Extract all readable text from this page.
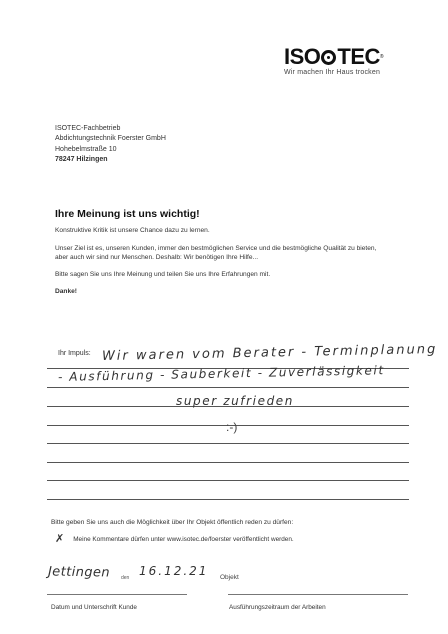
ISO TEC ®
Wir machen Ihr Haus trocken
ISOTEC-Fachbetrieb
Abdichtungstechnik Foerster GmbH
Hohebelmstraße 10
78247 Hilzingen
Ihre Meinung ist uns wichtig!
Konstruktive Kritik ist unsere Chance dazu zu lernen.
Unser Ziel ist es, unseren Kunden, immer den bestmöglichen Service und die bestmögliche Qualität zu bieten,
aber auch wir sind nur Menschen. Deshalb: Wir benötigen Ihre Hilfe...
Bitte sagen Sie uns Ihre Meinung und teilen Sie uns Ihre Erfahrungen mit.
Danke!
Ihr Impuls: Wir waren vom Berater - Terminplanung
- Ausführung - Sauberkeit - Zuverlässigkeit
super zufrieden
:-)
Bitte geben Sie uns auch die Möglichkeit über Ihr Objekt öffentlich reden zu dürfen:
✗ Meine Kommentare dürfen unter www.isotec.de/foerster veröffentlicht werden.
Jettingen den 16.12.21 Objekt
Datum und Unterschrift Kunde	Ausführungszeitraum der Arbeiten
